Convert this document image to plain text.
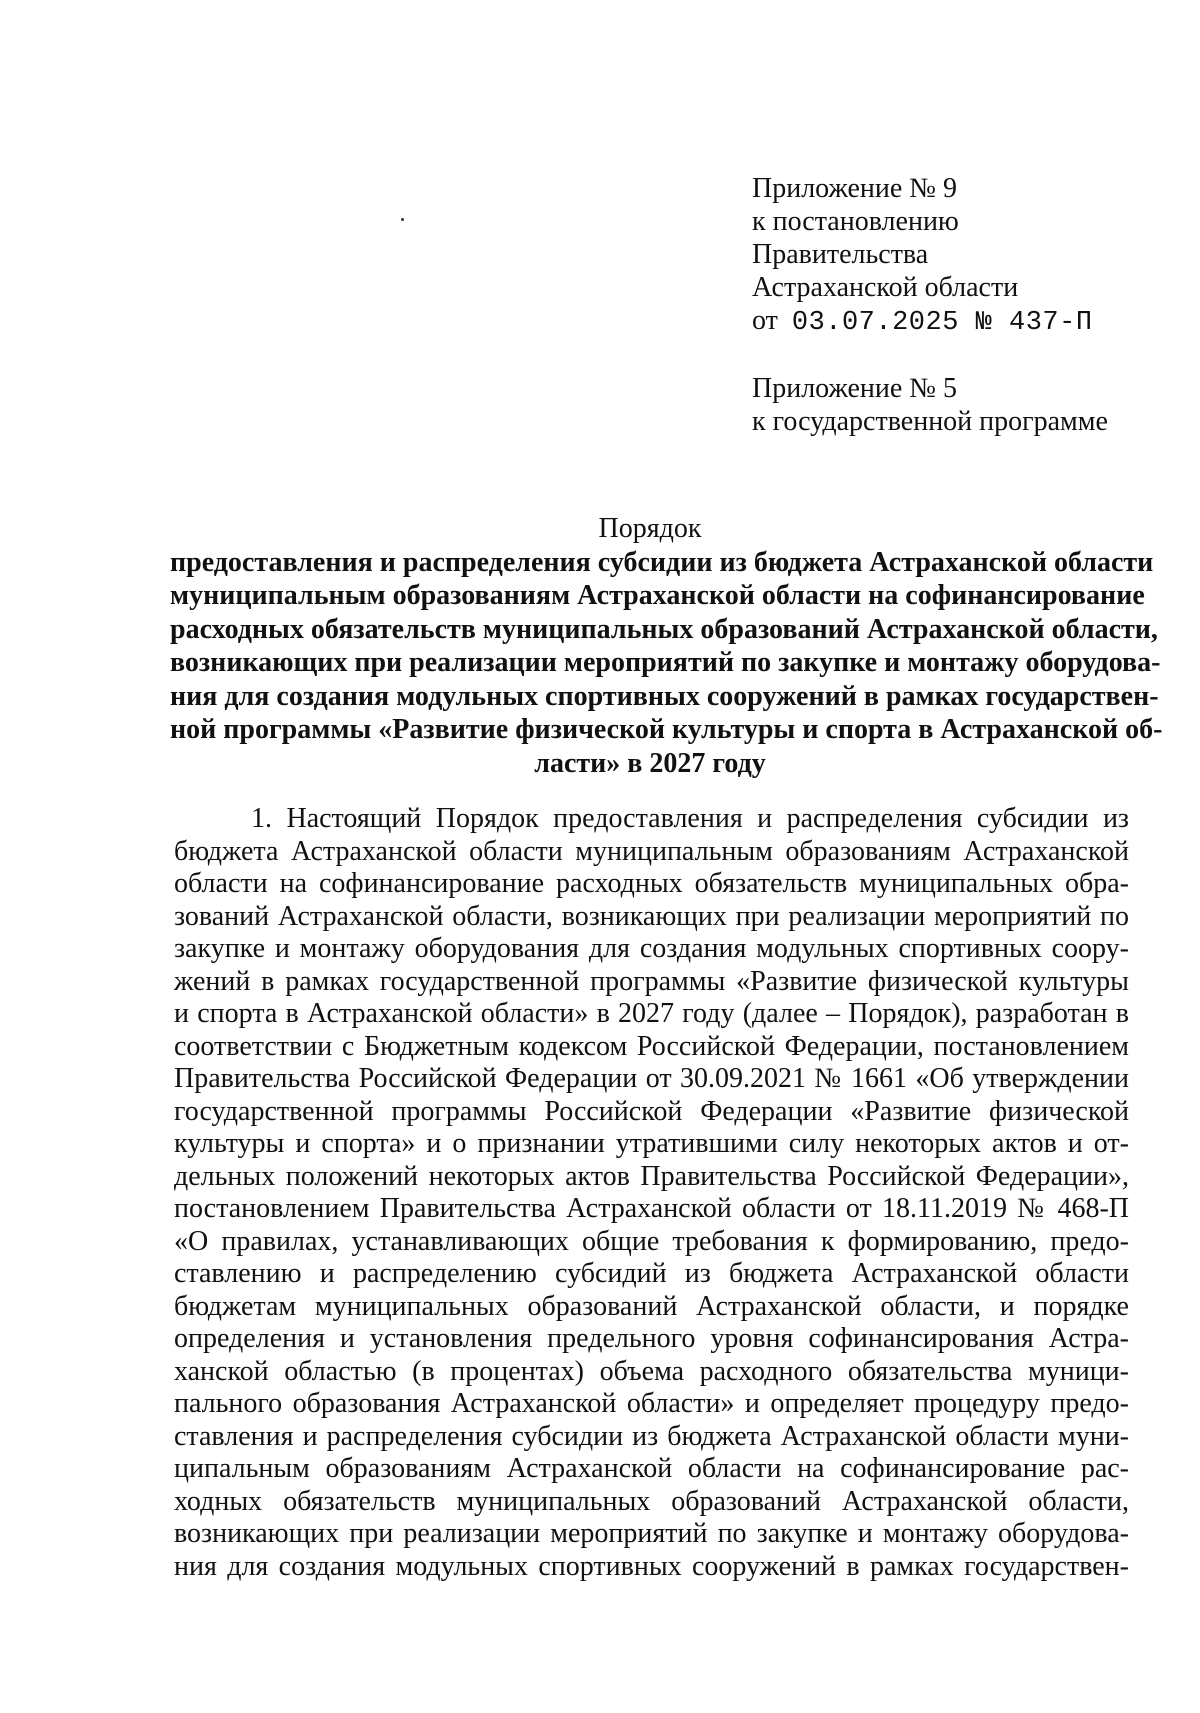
Приложение № 9
к постановлению
Правительства
Астраханской области
от 03.07.2025 № 437-П
Приложение № 5
к государственной программе
Порядок
предоставления и распределения субсидии из бюджета Астраханской области
муниципальным образованиям Астраханской области на софинансирование
расходных обязательств муниципальных образований Астраханской области,
возникающих при реализации мероприятий по закупке и монтажу оборудова-
ния для создания модульных спортивных сооружений в рамках государствен-
ной программы «Развитие физической культуры и спорта в Астраханской об-
ласти» в 2027 году
1. Настоящий Порядок предоставления и распределения субсидии из
бюджета Астраханской области муниципальным образованиям Астраханской
области на софинансирование расходных обязательств муниципальных обра-
зований Астраханской области, возникающих при реализации мероприятий по
закупке и монтажу оборудования для создания модульных спортивных соору-
жений в рамках государственной программы «Развитие физической культуры
и спорта в Астраханской области» в 2027 году (далее – Порядок), разработан в
соответствии с Бюджетным кодексом Российской Федерации, постановлением
Правительства Российской Федерации от 30.09.2021 № 1661 «Об утверждении
государственной программы Российской Федерации «Развитие физической
культуры и спорта» и о признании утратившими силу некоторых актов и от-
дельных положений некоторых актов Правительства Российской Федерации»,
постановлением Правительства Астраханской области от 18.11.2019 № 468-П
«О правилах, устанавливающих общие требования к формированию, предо-
ставлению и распределению субсидий из бюджета Астраханской области
бюджетам муниципальных образований Астраханской области, и порядке
определения и установления предельного уровня софинансирования Астра-
ханской областью (в процентах) объема расходного обязательства муници-
пального образования Астраханской области» и определяет процедуру предо-
ставления и распределения субсидии из бюджета Астраханской области муни-
ципальным образованиям Астраханской области на софинансирование рас-
ходных обязательств муниципальных образований Астраханской области,
возникающих при реализации мероприятий по закупке и монтажу оборудова-
ния для создания модульных спортивных сооружений в рамках государствен-
